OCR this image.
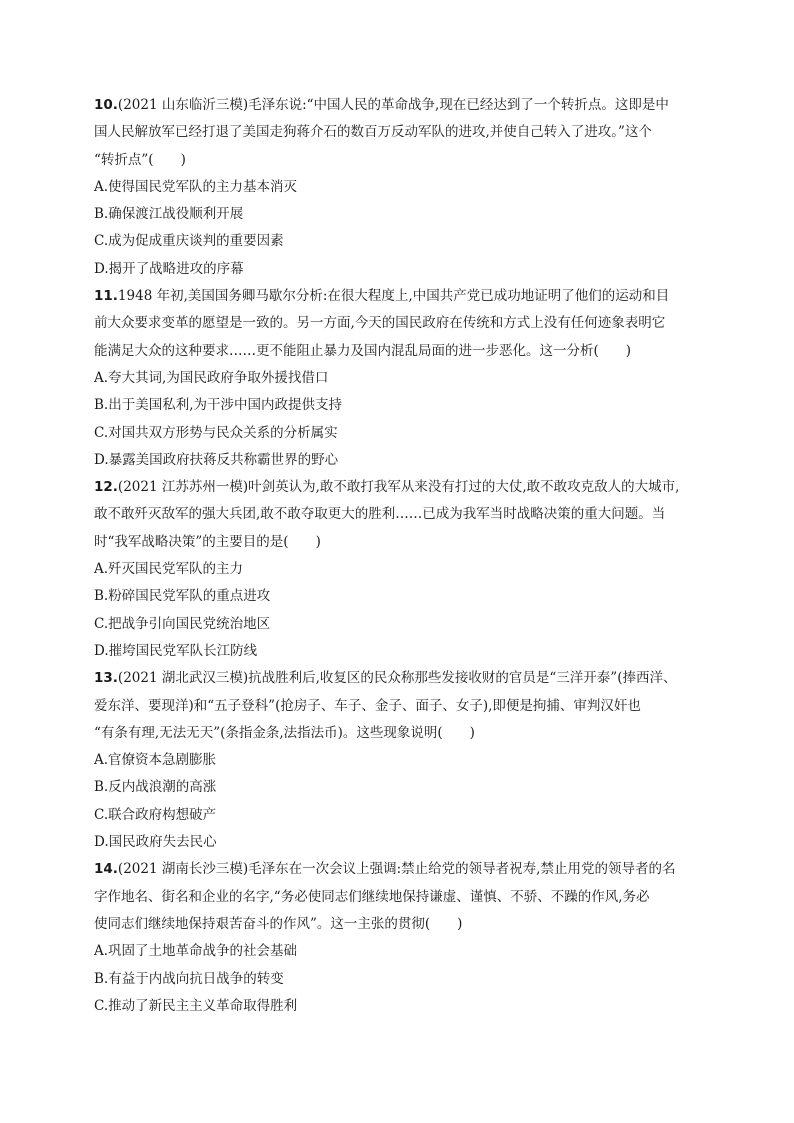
10.(2021 山东临沂三模)毛泽东说:“中国人民的革命战争,现在已经达到了一个转折点。这即是中
国人民解放军已经打退了美国走狗蒋介石的数百万反动军队的进攻,并使自己转入了进攻。”这个
“转折点”(　　)
A.使得国民党军队的主力基本消灭
B.确保渡江战役顺利开展
C.成为促成重庆谈判的重要因素
D.揭开了战略进攻的序幕
11.1948 年初,美国国务卿马歇尔分析:在很大程度上,中国共产党已成功地证明了他们的运动和目
前大众要求变革的愿望是一致的。另一方面,今天的国民政府在传统和方式上没有任何迹象表明它
能满足大众的这种要求……更不能阻止暴力及国内混乱局面的进一步恶化。这一分析(　　)
A.夸大其词,为国民政府争取外援找借口
B.出于美国私利,为干涉中国内政提供支持
C.对国共双方形势与民众关系的分析属实
D.暴露美国政府扶蒋反共称霸世界的野心
12.(2021 江苏苏州一模)叶剑英认为,敢不敢打我军从来没有打过的大仗,敢不敢攻克敌人的大城市,
敢不敢歼灭敌军的强大兵团,敢不敢夺取更大的胜利……已成为我军当时战略决策的重大问题。当
时“我军战略决策”的主要目的是(　　)
A.歼灭国民党军队的主力
B.粉碎国民党军队的重点进攻
C.把战争引向国民党统治地区
D.摧垮国民党军队长江防线
13.(2021 湖北武汉三模)抗战胜利后,收复区的民众称那些发接收财的官员是“三洋开泰”(捧西洋、
爱东洋、要现洋)和“五子登科”(抢房子、车子、金子、面子、女子),即便是拘捕、审判汉奸也
“有条有理,无法无天”(条指金条,法指法币)。这些现象说明(　　)
A.官僚资本急剧膨胀
B.反内战浪潮的高涨
C.联合政府构想破产
D.国民政府失去民心
14.(2021 湖南长沙三模)毛泽东在一次会议上强调:禁止给党的领导者祝寿,禁止用党的领导者的名
字作地名、街名和企业的名字,“务必使同志们继续地保持谦虚、谨慎、不骄、不躁的作风,务必
使同志们继续地保持艰苦奋斗的作风”。这一主张的贯彻(　　)
A.巩固了土地革命战争的社会基础
B.有益于内战向抗日战争的转变
C.推动了新民主主义革命取得胜利
